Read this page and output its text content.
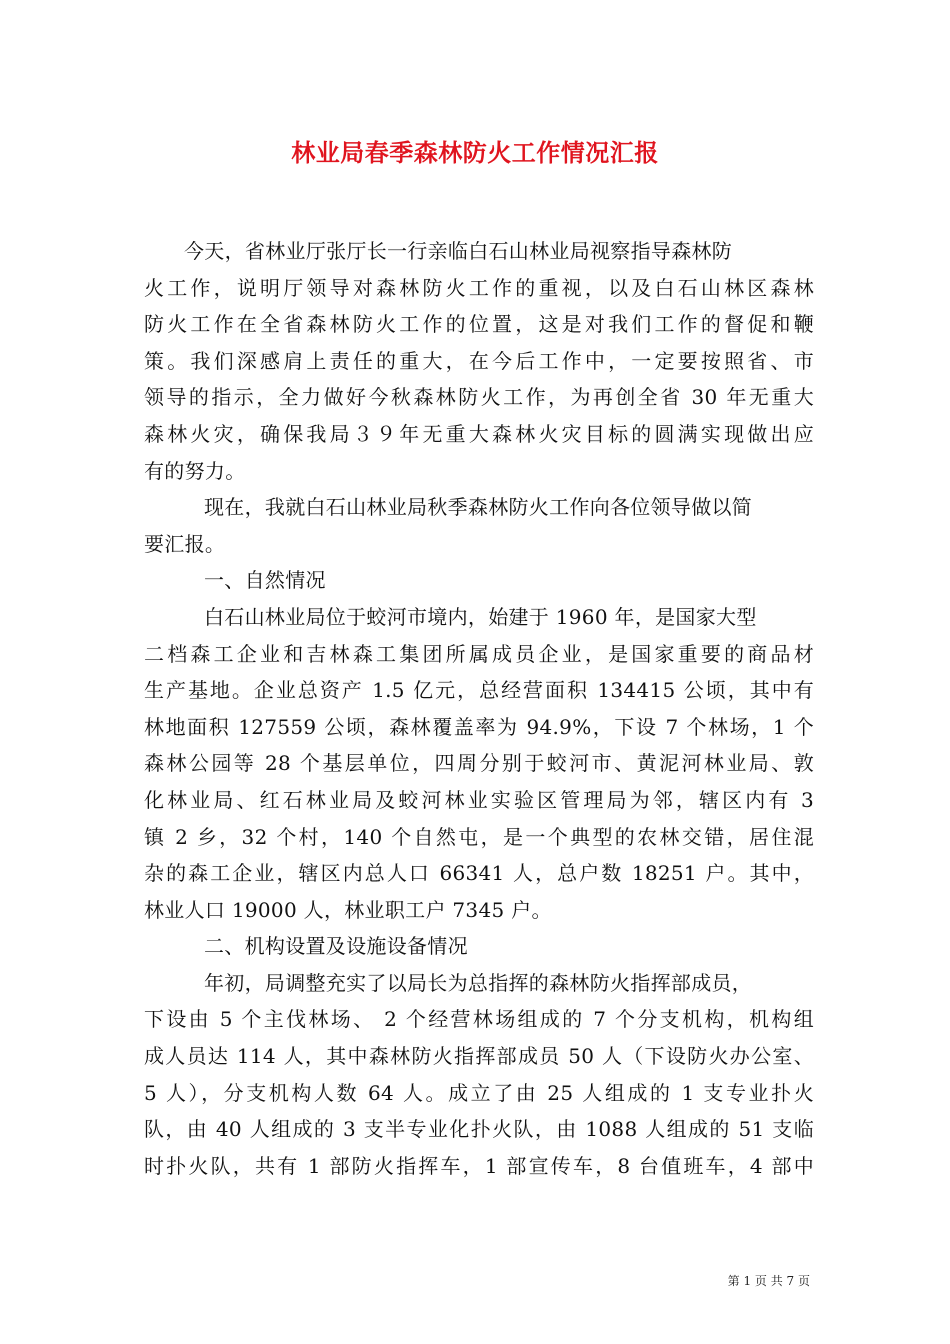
林业局春季森林防火工作情况汇报
今天，省林业厅张厅长一行亲临白石山林业局视察指导森林防
火工作，说明厅领导对森林防火工作的重视，以及白石山林区森林
防火工作在全省森林防火工作的位置，这是对我们工作的督促和鞭
策。我们深感肩上责任的重大，在今后工作中，一定要按照省、市
领导的指示，全力做好今秋森林防火工作，为再创全省 30 年无重大
森林火灾，确保我局３９年无重大森林火灾目标的圆满实现做出应
有的努力。
现在，我就白石山林业局秋季森林防火工作向各位领导做以简
要汇报。
一、自然情况
白石山林业局位于蛟河市境内，始建于 1960 年，是国家大型
二档森工企业和吉林森工集团所属成员企业，是国家重要的商品材
生产基地。企业总资产 1.5 亿元，总经营面积 134415 公顷，其中有
林地面积 127559 公顷，森林覆盖率为 94.9%，下设 7 个林场，1 个
森林公园等 28 个基层单位，四周分别于蛟河市、黄泥河林业局、敦
化林业局、红石林业局及蛟河林业实验区管理局为邻，辖区内有 3
镇 2 乡，32 个村，140 个自然屯，是一个典型的农林交错，居住混
杂的森工企业，辖区内总人口 66341 人，总户数 18251 户。其中，
林业人口 19000 人，林业职工户 7345 户。
二、机构设置及设施设备情况
年初，局调整充实了以局长为总指挥的森林防火指挥部成员，
下设由 5 个主伐林场、 2 个经营林场组成的 7 个分支机构，机构组
成人员达 114 人，其中森林防火指挥部成员 50 人（下设防火办公室、
5 人），分支机构人数 64 人。成立了由 25 人组成的 1 支专业扑火
队，由 40 人组成的 3 支半专业化扑火队，由 1088 人组成的 51 支临
时扑火队，共有 1 部防火指挥车，1 部宣传车，8 台值班车，4 部中
第 1 页 共 7 页
